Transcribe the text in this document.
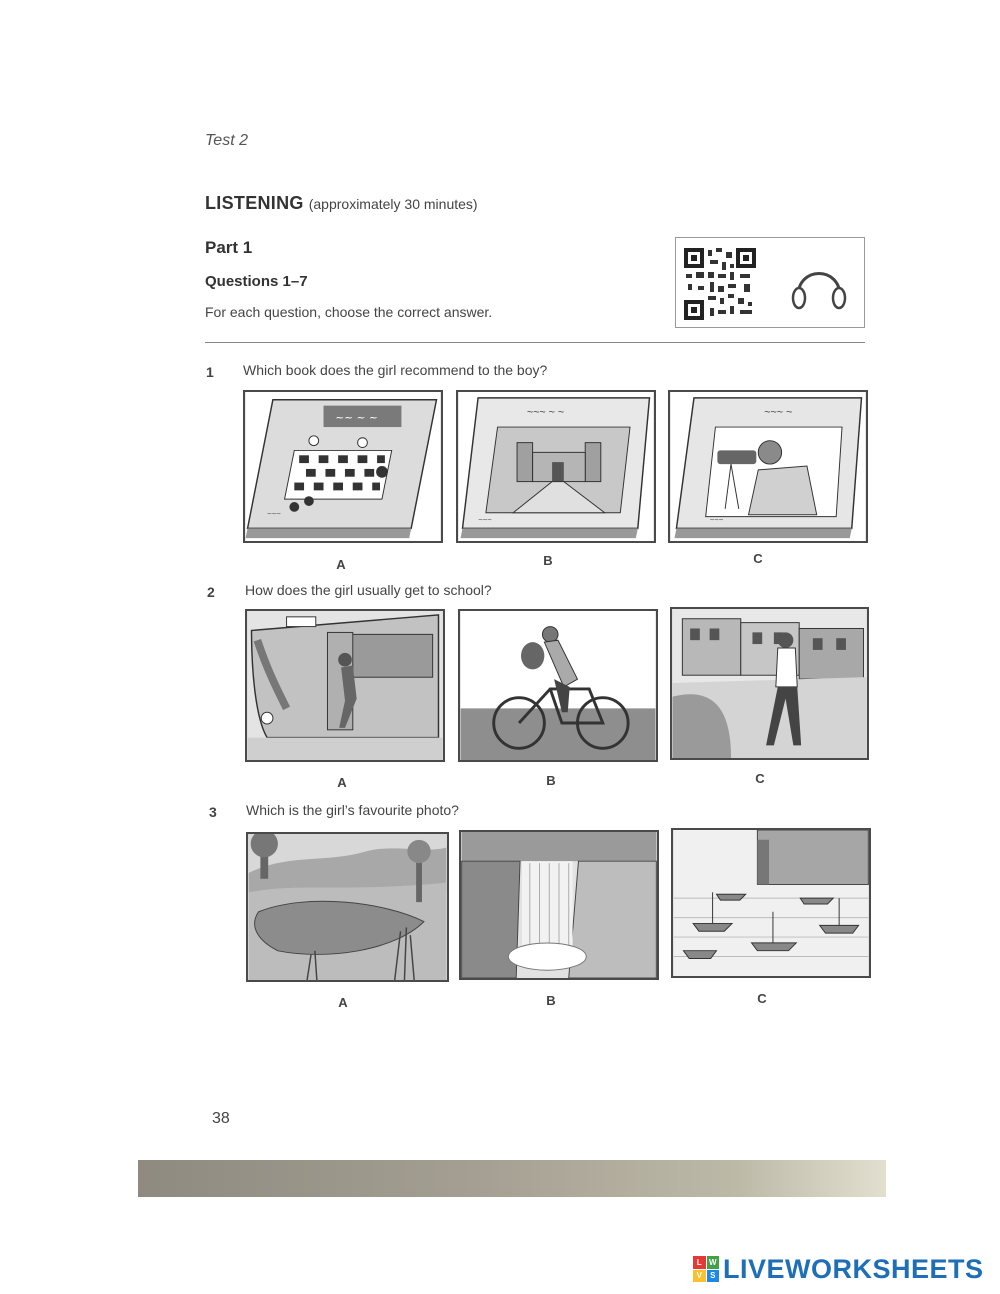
Test 2
LISTENING (approximately 30 minutes)
Part 1
Questions 1–7
For each question, choose the correct answer.
1 Which book does the girl recommend to the boy?
~~ ~ ~
~~~
~~~ ~ ~
~~~
~~~ ~
~~~
A	B	C
2 How does the girl usually get to school?
A	B	C
3 Which is the girl’s favourite photo?
A	B	C
38
L W
V	S LIVEWORKSHEETS
